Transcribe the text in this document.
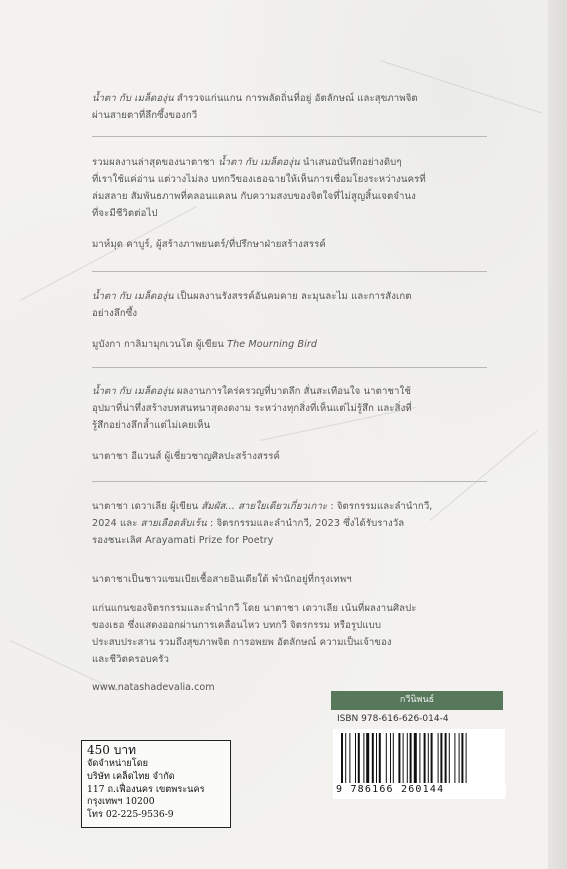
น้ำตา กับ เมล็ดองุ่น สำรวจแก่นแกน การพลัดถิ่นที่อยู่ อัตลักษณ์ และสุขภาพจิต
ผ่านสายตาที่ลึกซึ้งของกวี
รวมผลงานล่าสุดของนาตาชา น้ำตา กับ เมล็ดองุ่น นำเสนอบันทึกอย่างดิบๆ
ที่เราใช้แค่อ่าน แต่วางไม่ลง บทกวีของเธอฉายให้เห็นการเชื่อมโยงระหว่างนครที่
ล่มสลาย สัมพันธภาพที่คลอนแคลน กับความสงบของจิตใจที่ไม่สูญสิ้นเจตจำนง
ที่จะมีชีวิตต่อไป
มาห์มุด คาบูร์, ผู้สร้างภาพยนตร์/ที่ปรึกษาฝ่ายสร้างสรรค์
น้ำตา กับ เมล็ดองุ่น เป็นผลงานรังสรรค์อันคมคาย ละมุนละไม และการสังเกต
อย่างลึกซึ้ง
มูบังกา กาลิมามุกเวนโต ผู้เขียน The Mourning Bird
น้ำตา กับ เมล็ดองุ่น ผลงานการใคร่ครวญที่บาดลึก สั่นสะเทือนใจ นาตาชาใช้
อุปมาที่น่าทึ่งสร้างบทสนทนาสุดงดงาม ระหว่างทุกสิ่งที่เห็นแต่ไม่รู้สึก และสิ่งที่
รู้สึกอย่างลึกล้ำแต่ไม่เคยเห็น
นาตาชา อีแวนส์ ผู้เชี่ยวชาญศิลปะสร้างสรรค์
นาตาชา เดวาเลีย ผู้เขียน สัมผัส... สายใยเดียวเกี่ยวเกาะ : จิตรกรรมและลำนำกวี,
2024 และ สายเลือดลับเร้น : จิตรกรรมและลำนำกวี, 2023 ซึ่งได้รับรางวัล
รองชนะเลิศ Arayamati Prize for Poetry
นาตาชาเป็นชาวแซมเบียเชื้อสายอินเดียใต้ พำนักอยู่ที่กรุงเทพฯ
แก่นแกนของจิตรกรรมและลำนำกวี โดย นาตาชา เดวาเลีย เน้นที่ผลงานศิลปะ
ของเธอ ซึ่งแสดงออกผ่านการเคลื่อนไหว บทกวี จิตรกรรม หรือรูปแบบ
ประสบประสาน รวมถึงสุขภาพจิต การอพยพ อัตลักษณ์ ความเป็นเจ้าของ
และชีวิตครอบครัว
www.natashadevalia.com
กวีนิพนธ์
ISBN 978-616-626-014-4
9 786166 260144
450 บาท
จัดจำหน่ายโดย
บริษัท เคล็ดไทย จำกัด
117 ถ.เฟื่องนคร เขตพระนคร
กรุงเทพฯ 10200
โทร 02-225-9536-9
